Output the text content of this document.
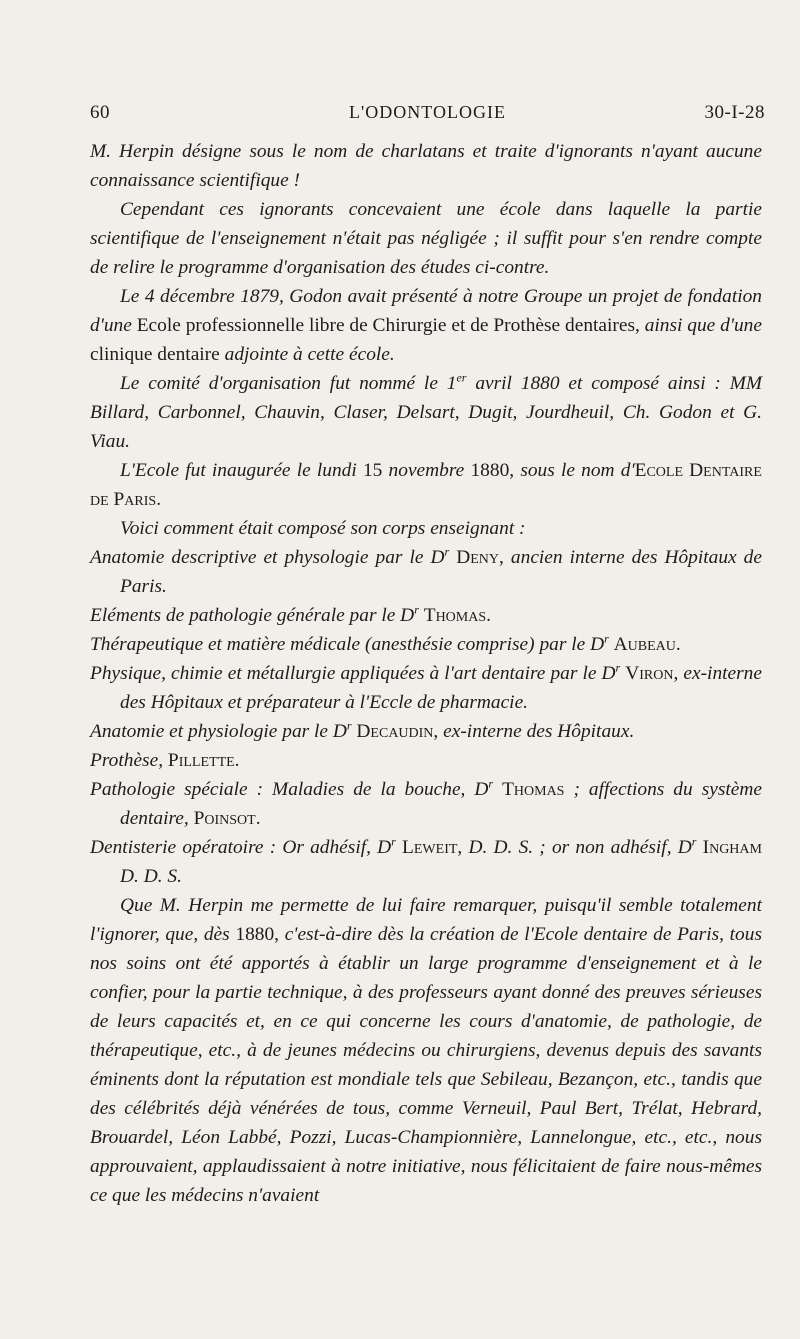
60	L'ODONTOLOGIE	30-I-28

M. Herpin désigne sous le nom de charlatans et traite d'ignorants n'ayant aucune connaissance scientifique !

Cependant ces ignorants concevaient une école dans laquelle la partie scientifique de l'enseignement n'était pas négligée ; il suffit pour s'en rendre compte de relire le programme d'organisation des études ci-contre.

Le 4 décembre 1879, Godon avait présenté à notre Groupe un projet de fondation d'une Ecole professionnelle libre de Chirurgie et de Prothèse dentaires, ainsi que d'une clinique dentaire adjointe à cette école.

Le comité d'organisation fut nommé le 1er avril 1880 et composé ainsi : MM Billard, Carbonnel, Chauvin, Claser, Delsart, Dugit, Jourdheuil, Ch. Godon et G. Viau.

L'Ecole fut inaugurée le lundi 15 novembre 1880, sous le nom d'Ecole Dentaire de Paris.

Voici comment était composé son corps enseignant :

Anatomie descriptive et physologie par le $D^r$ Deny, ancien interne des Hôpitaux de Paris.

Eléments de pathologie générale par le $D^r$ Thomas.

Thérapeutique et matière médicale (anesthésie comprise) par le $D^r$ Aubeau.

Physique, chimie et métallurgie appliquées à l'art dentaire par le $D^r$ Viron, ex-interne des Hôpitaux et préparateur à l'Eccle de pharmacie.

Anatomie et physiologie par le $D^r$ Decaudin, ex-interne des Hôpitaux.

Prothèse, Pillette.

Pathologie spéciale : Maladies de la bouche, $D^r$ Thomas ; affections du système dentaire, Poinsot.

Dentisterie opératoire : Or adhésif, $D^r$ Leweit, D. D. S. ; or non adhésif, $D^r$ Ingham D. D. S.

Que M. Herpin me permette de lui faire remarquer, puisqu'il semble totalement l'ignorer, que, dès 1880, c'est-à-dire dès la création de l'Ecole dentaire de Paris, tous nos soins ont été apportés à établir un large programme d'enseignement et à le confier, pour la partie technique, à des professeurs ayant donné des preuves sérieuses de leurs capacités et, en ce qui concerne les cours d'anatomie, de pathologie, de thérapeutique, etc., à de jeunes médecins ou chirurgiens, devenus depuis des savants éminents dont la réputation est mondiale tels que Sebileau, Bezançon, etc., tandis que des célébrités déjà vénérées de tous, comme Verneuil, Paul Bert, Trélat, Hebrard, Brouardel, Léon Labbé, Pozzi, Lucas-Championnière, Lannelongue, etc., etc., nous approuvaient, applaudissaient à notre initiative, nous félicitaient de faire nous-mêmes ce que les médecins n'avaient
